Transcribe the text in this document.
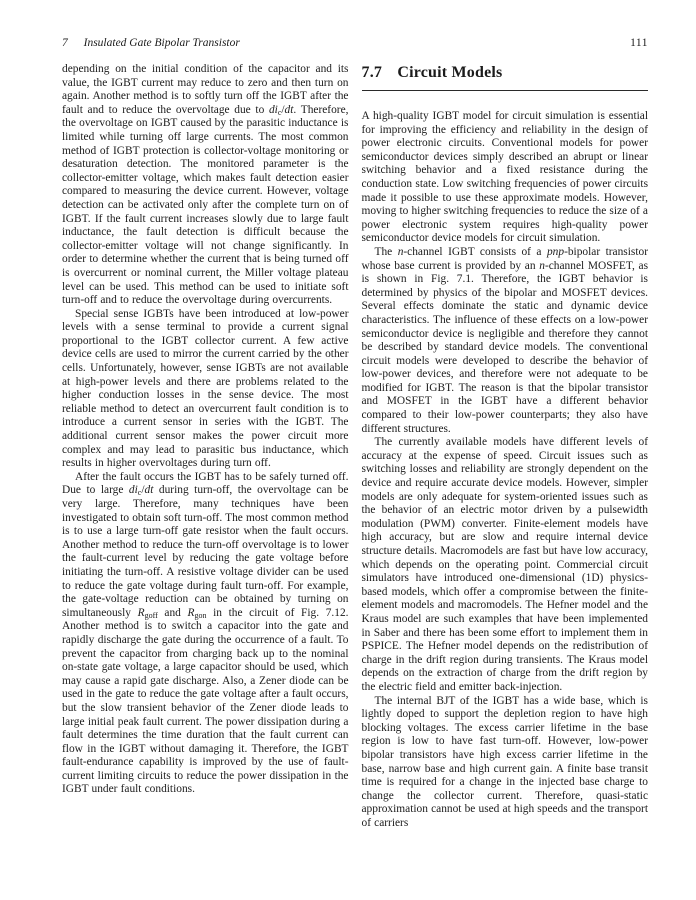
7 Insulated Gate Bipolar Transistor	111

depending on the initial condition of the capacitor and its value, the IGBT current may reduce to zero and then turn on again. Another method is to softly turn off the IGBT after the fault and to reduce the overvoltage due to $di_c/dt$. Therefore, the overvoltage on IGBT caused by the parasitic inductance is limited while turning off large currents. The most common method of IGBT protection is collector-voltage monitoring or desaturation detection. The monitored parameter is the collector-emitter voltage, which makes fault detection easier compared to measuring the device current. However, voltage detection can be activated only after the complete turn on of IGBT. If the fault current increases slowly due to large fault inductance, the fault detection is difficult because the collector-emitter voltage will not change significantly. In order to determine whether the current that is being turned off is overcurrent or nominal current, the Miller voltage plateau level can be used. This method can be used to initiate soft turn-off and to reduce the overvoltage during overcurrents.

Special sense IGBTs have been introduced at low-power levels with a sense terminal to provide a current signal proportional to the IGBT collector current. A few active device cells are used to mirror the current carried by the other cells. Unfortunately, however, sense IGBTs are not available at high-power levels and there are problems related to the higher conduction losses in the sense device. The most reliable method to detect an overcurrent fault condition is to introduce a current sensor in series with the IGBT. The additional current sensor makes the power circuit more complex and may lead to parasitic bus inductance, which results in higher overvoltages during turn off.

After the fault occurs the IGBT has to be safely turned off. Due to large $di_c/dt$ during turn-off, the overvoltage can be very large. Therefore, many techniques have been investigated to obtain soft turn-off. The most common method is to use a large turn-off gate resistor when the fault occurs. Another method to reduce the turn-off overvoltage is to lower the fault-current level by reducing the gate voltage before initiating the turn-off. A resistive voltage divider can be used to reduce the gate voltage during fault turn-off. For example, the gate-voltage reduction can be obtained by turning on simultaneously $R_{goff}$ and $R_{gon}$ in the circuit of Fig. 7.12. Another method is to switch a capacitor into the gate and rapidly discharge the gate during the occurrence of a fault. To prevent the capacitor from charging back up to the nominal on-state gate voltage, a large capacitor should be used, which may cause a rapid gate discharge. Also, a Zener diode can be used in the gate to reduce the gate voltage after a fault occurs, but the slow transient behavior of the Zener diode leads to large initial peak fault current. The power dissipation during a fault determines the time duration that the fault current can flow in the IGBT without damaging it. Therefore, the IGBT fault-endurance capability is improved by the use of fault-current limiting circuits to reduce the power dissipation in the IGBT under fault conditions.

7.7 Circuit Models

A high-quality IGBT model for circuit simulation is essential for improving the efficiency and reliability in the design of power electronic circuits. Conventional models for power semiconductor devices simply described an abrupt or linear switching behavior and a fixed resistance during the conduction state. Low switching frequencies of power circuits made it possible to use these approximate models. However, moving to higher switching frequencies to reduce the size of a power electronic system requires high-quality power semiconductor device models for circuit simulation.

The n-channel IGBT consists of a pnp-bipolar transistor whose base current is provided by an n-channel MOSFET, as is shown in Fig. 7.1. Therefore, the IGBT behavior is determined by physics of the bipolar and MOSFET devices. Several effects dominate the static and dynamic device characteristics. The influence of these effects on a low-power semiconductor device is negligible and therefore they cannot be described by standard device models. The conventional circuit models were developed to describe the behavior of low-power devices, and therefore were not adequate to be modified for IGBT. The reason is that the bipolar transistor and MOSFET in the IGBT have a different behavior compared to their low-power counterparts; they also have different structures.

The currently available models have different levels of accuracy at the expense of speed. Circuit issues such as switching losses and reliability are strongly dependent on the device and require accurate device models. However, simpler models are only adequate for system-oriented issues such as the behavior of an electric motor driven by a pulsewidth modulation (PWM) converter. Finite-element models have high accuracy, but are slow and require internal device structure details. Macromodels are fast but have low accuracy, which depends on the operating point. Commercial circuit simulators have introduced one-dimensional (1D) physics-based models, which offer a compromise between the finite-element models and macromodels. The Hefner model and the Kraus model are such examples that have been implemented in Saber and there has been some effort to implement them in PSPICE. The Hefner model depends on the redistribution of charge in the drift region during transients. The Kraus model depends on the extraction of charge from the drift region by the electric field and emitter back-injection.

The internal BJT of the IGBT has a wide base, which is lightly doped to support the depletion region to have high blocking voltages. The excess carrier lifetime in the base region is low to have fast turn-off. However, low-power bipolar transistors have high excess carrier lifetime in the base, narrow base and high current gain. A finite base transit time is required for a change in the injected base charge to change the collector current. Therefore, quasi-static approximation cannot be used at high speeds and the transport of carriers
